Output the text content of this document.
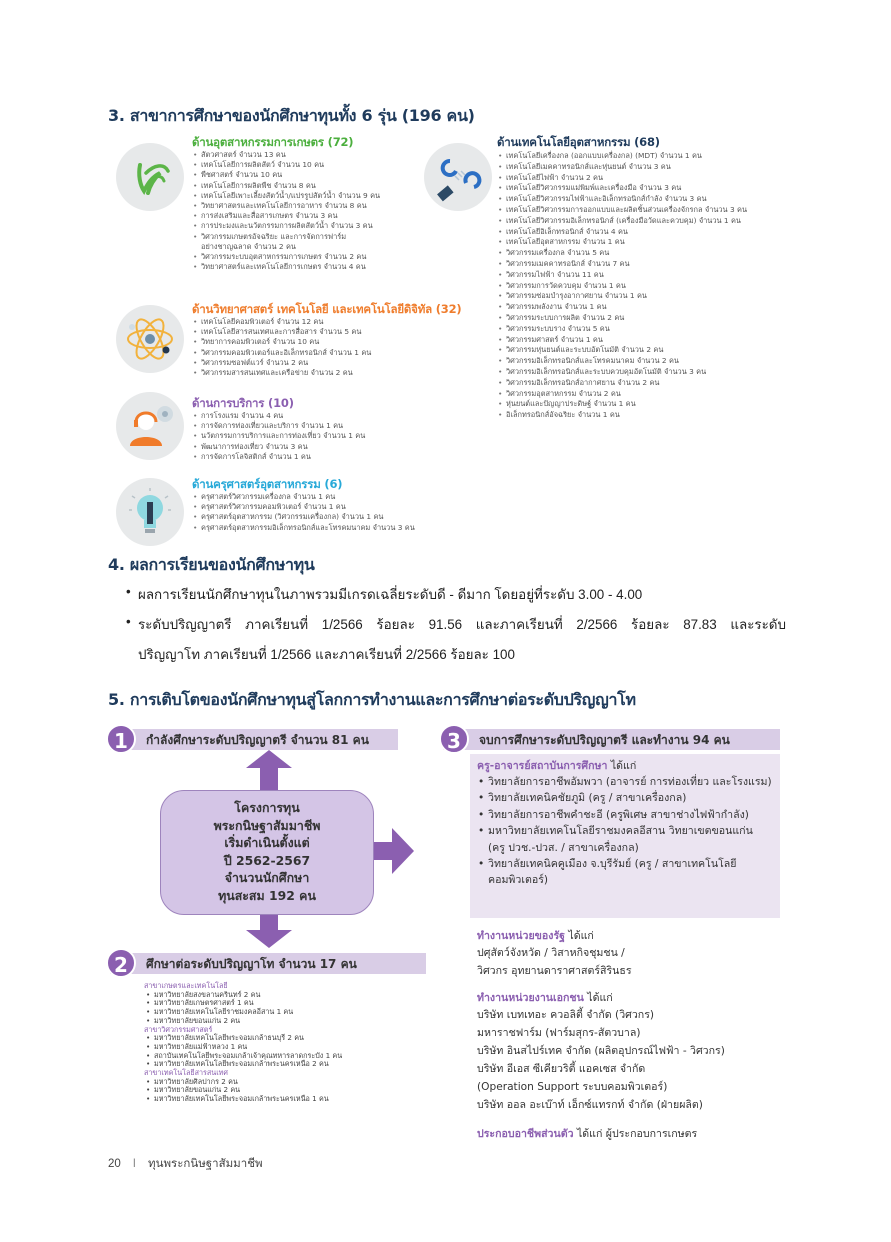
3. สาขาการศึกษาของนักศึกษาทุนทั้ง 6 รุ่น (196 คน)
ด้านอุตสาหกรรมการเกษตร (72)
• สัตวศาสตร์ จำนวน 13 คน
• เทคโนโลยีการผลิตสัตว์ จำนวน 10 คน
• พืชศาสตร์ จำนวน 10 คน
• เทคโนโลยีการผลิตพืช จำนวน 8 คน
• เทคโนโลยีเพาะเลี้ยงสัตว์น้ำ/แปรรูปสัตว์น้ำ จำนวน 9 คน
• วิทยาศาสตรและเทคโนโลยีการอาหาร จำนวน 8 คน
• การส่งเสริมและสื่อสารเกษตร จำนวน 3 คน
• การประมงและนวัตกรรมการผลิตสัตว์น้ำ จำนวน 3 คน
• วิศวกรรมเกษตรอัจฉริยะ และการจัดการฟาร์ม
อย่างชาญฉลาด จำนวน 2 คน
• วิศวกรรมระบบอุตสาหกรรมการเกษตร จำนวน 2 คน
• วิทยาศาสตร์และเทคโนโลยีการเกษตร จำนวน 4 คน
ด้านวิทยาศาสตร์ เทคโนโลยี และเทคโนโลยีดิจิทัล (32)
• เทคโนโลยีคอมพิวเตอร์ จำนวน 12 คน
• เทคโนโลยีสารสนเทศและการสื่อสาร จำนวน 5 คน
• วิทยาการคอมพิวเตอร์ จำนวน 10 คน
• วิศวกรรมคอมพิวเตอร์และอิเล็กทรอนิกส์ จำนวน 1 คน
• วิศวกรรมซอฟต์แวร์ จำนวน 2 คน
• วิศวกรรมสารสนเทศและเครือข่าย จำนวน 2 คน
ด้านการบริการ (10)
• การโรงแรม จำนวน 4 คน
• การจัดการท่องเที่ยวและบริการ จำนวน 1 คน
• นวัตกรรมการบริการและการท่องเที่ยว จำนวน 1 คน
• พัฒนาการท่องเที่ยว จำนวน 3 คน
• การจัดการโลจิสติกส์ จำนวน 1 คน
ด้านครุศาสตร์อุตสาหกรรม (6)
• ครุศาสตร์วิศวกรรมเครื่องกล จำนวน 1 คน
• ครุศาสตร์วิศวกรรมคอมพิวเตอร์ จำนวน 1 คน
• ครุศาสตร์อุตสาหกรรม (วิศวกรรมเครื่องกล) จำนวน 1 คน
• ครุศาสตร์อุตสาหกรรมอิเล็กทรอนิกส์และโทรคมนาคม จำนวน 3 คน
ด้านเทคโนโลยีอุตสาหกรรม (68)
• เทคโนโลยีเครื่องกล (ออกแบบเครื่องกล) (MDT) จำนวน 1 คน
• เทคโนโลยีเมคคาทรอนิกส์และหุ่นยนต์ จำนวน 3 คน
• เทคโนโลยีไฟฟ้า จำนวน 2 คน
• เทคโนโลยีวิศวกรรมแม่พิมพ์และเครื่องมือ จำนวน 3 คน
• เทคโนโลยีวิศวกรรมไฟฟ้าและอิเล็กทรอนิกส์กำลัง จำนวน 3 คน
• เทคโนโลยีวิศวกรรมการออกแบบและผลิตชิ้นส่วนเครื่องจักรกล จำนวน 3 คน
• เทคโนโลยีวิศวกรรมอิเล็กทรอนิกส์ (เครื่องมือวัดและควบคุม) จำนวน 1 คน
• เทคโนโลยีอิเล็กทรอนิกส์ จำนวน 4 คน
• เทคโนโลยีอุตสาหกรรม จำนวน 1 คน
• วิศวกรรมเครื่องกล จำนวน 5 คน
• วิศวกรรมเมคคาทรอนิกส์ จำนวน 7 คน
• วิศวกรรมไฟฟ้า จำนวน 11 คน
• วิศวกรรมการวัดควบคุม จำนวน 1 คน
• วิศวกรรมซ่อมบำรุงอากาศยาน จำนวน 1 คน
• วิศวกรรมพลังงาน จำนวน 1 คน
• วิศวกรรมระบบการผลิต จำนวน 2 คน
• วิศวกรรมระบบราง จำนวน 5 คน
• วิศวกรรมศาสตร์ จำนวน 1 คน
• วิศวกรรมหุ่นยนต์และระบบอัตโนมัติ จำนวน 2 คน
• วิศวกรรมอิเล็กทรอนิกส์และโทรคมนาคม จำนวน 2 คน
• วิศวกรรมอิเล็กทรอนิกส์และระบบควบคุมอัตโนมัติ จำนวน 3 คน
• วิศวกรรมอิเล็กทรอนิกส์อากาศยาน จำนวน 2 คน
• วิศวกรรมอุตสาหกรรม จำนวน 2 คน
• หุ่นยนต์และปัญญาประดิษฐ์ จำนวน 1 คน
• อิเล็กทรอนิกส์อัจฉริยะ จำนวน 1 คน
4. ผลการเรียนของนักศึกษาทุน
• ผลการเรียนนักศึกษาทุนในภาพรวมมีเกรดเฉลี่ยระดับดี - ดีมาก โดยอยู่ที่ระดับ 3.00 - 4.00
• ระดับปริญญาตรี ภาคเรียนที่ 1/2566 ร้อยละ 91.56 และภาคเรียนที่ 2/2566 ร้อยละ 87.83 และระดับ
ปริญญาโท ภาคเรียนที่ 1/2566 และภาคเรียนที่ 2/2566 ร้อยละ 100
5. การเติบโตของนักศึกษาทุนสู่โลกการทำงานและการศึกษาต่อระดับปริญญาโท
กำลังศึกษาระดับปริญญาตรี จำนวน 81 คน
1	จบการศึกษาระดับปริญญาตรี และทำงาน 94 คน
3
โครงการทุน
พระกนิษฐาสัมมาชีพ
เริ่มดำเนินตั้งแต่
ปี 2562-2567
จำนวนนักศึกษา
ทุนสะสม 192 คน
ศึกษาต่อระดับปริญญาโท จำนวน 17 คน
2
สาขาเกษตรและเทคโนโลยี
• มหาวิทยาลัยสงขลานครินทร์ 2 คน
• มหาวิทยาลัยเกษตรศาสตร์ 1 คน
• มหาวิทยาลัยเทคโนโลยีราชมงคลอีสาน 1 คน
• มหาวิทยาลัยขอนแก่น 2 คน
สาขาวิศวกรรมศาสตร์
• มหาวิทยาลัยเทคโนโลยีพระจอมเกล้าธนบุรี 2 คน
• มหาวิทยาลัยแม่ฟ้าหลวง 1 คน
• สถาบันเทคโนโลยีพระจอมเกล้าเจ้าคุณทหารลาดกระบัง 1 คน
• มหาวิทยาลัยเทคโนโลยีพระจอมเกล้าพระนครเหนือ 2 คน
สาขาเทคโนโลยีสารสนเทศ
• มหาวิทยาลัยศิลปากร 2 คน
• มหาวิทยาลัยขอนแก่น 2 คน
• มหาวิทยาลัยเทคโนโลยีพระจอมเกล้าพระนครเหนือ 1 คน
ครู-อาจารย์สถาบันการศึกษา ได้แก่
• วิทยาลัยการอาชีพอัมพวา (อาจารย์ การท่องเที่ยว และโรงแรม)
• วิทยาลัยเทคนิคชัยภูมิ (ครู / สาขาเครื่องกล)
• วิทยาลัยการอาชีพคำชะอี (ครูพิเศษ สาขาช่างไฟฟ้ากำลัง)
• มหาวิทยาลัยเทคโนโลยีราชมงคลอีสาน วิทยาเขตขอนแก่น (ครู ปวช.-ปวส. / สาขาเครื่องกล)
• วิทยาลัยเทคนิคคูเมือง จ.บุรีรัมย์ (ครู / สาขาเทคโนโลยี คอมพิวเตอร์)
ทำงานหน่วยของรัฐ ได้แก่
ปศุสัตว์จังหวัด / วิสาหกิจชุมชน /
วิศวกร อุทยานดาราศาสตร์สิรินธร
ทำงานหน่วยงานเอกชน ได้แก่
บริษัท เบทเทอะ ควอลิตี้ จำกัด (วิศวกร)
มหาราชฟาร์ม (ฟาร์มสุกร-สัตวบาล)
บริษัท อินสไปร์เทค จำกัด (ผลิตอุปกรณ์ไฟฟ้า - วิศวกร)
บริษัท อีเอส ซีเคียวริตี้ แอคเซส จำกัด
(Operation Support ระบบคอมพิวเตอร์)
บริษัท ออล อะเบ๊าท์ เอ็กซ์แทรกท์ จำกัด (ฝ่ายผลิต)
ประกอบอาชีพส่วนตัว ได้แก่ ผู้ประกอบการเกษตร
20 I ทุนพระกนิษฐาสัมมาชีพ
